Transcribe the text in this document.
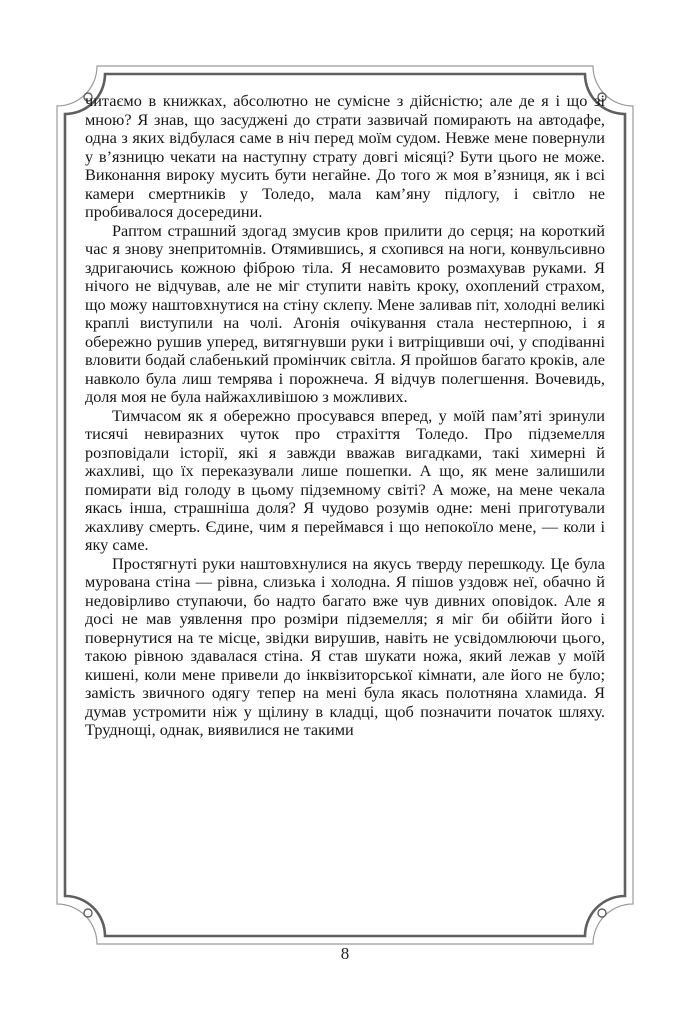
читаємо в книжках, абсолютно не сумісне з дійсністю; але де я і що зі мною? Я знав, що засуджені до страти зазвичай помирають на автодафе, одна з яких відбулася саме в ніч перед моїм судом. Невже мене повернули у в’язницю чекати на наступну страту довгі місяці? Бути цього не може. Виконання вироку мусить бути негайне. До того ж моя в’язниця, як і всі камери смертників у Толедо, мала кам’яну підлогу, і світло не пробивалося досередини.

Раптом страшний здогад змусив кров прилити до серця; на короткий час я знову знепритомнів. Отямившись, я схопився на ноги, конвульсивно здригаючись кожною фіброю тіла. Я несамовито розмахував руками. Я нічого не відчував, але не міг ступити навіть кроку, охоплений страхом, що можу наштовхнутися на стіну склепу. Мене заливав піт, холодні великі краплі виступили на чолі. Агонія очікування стала нестерпною, і я обережно рушив уперед, витягнувши руки і витріщивши очі, у сподіванні вловити бодай слабенький промінчик світла. Я пройшов багато кроків, але навколо була лиш темрява і порожнеча. Я відчув полегшення. Вочевидь, доля моя не була найжахливішою з можливих.

Тимчасом як я обережно просувався вперед, у моїй пам’яті зринули тисячі невиразних чуток про страхіття Толедо. Про підземелля розповідали історії, які я завжди вважав вигадками, такі химерні й жахливі, що їх переказували лише пошепки. А що, як мене залишили помирати від голоду в цьому підземному світі? А може, на мене чекала якась інша, страшніша доля? Я чудово розумів одне: мені приготували жахливу смерть. Єдине, чим я переймався і що непокоїло мене, — коли і яку саме.

Простягнуті руки наштовхнулися на якусь тверду перешкоду. Це була мурована стіна — рівна, слизька і холодна. Я пішов уздовж неї, обачно й недовірливо ступаючи, бо надто багато вже чув дивних оповідок. Але я досі не мав уявлення про розміри підземелля; я міг би обійти його і повернутися на те місце, звідки вирушив, навіть не усвідомлюючи цього, такою рівною здавалася стіна. Я став шукати ножа, який лежав у моїй кишені, коли мене привели до інквізиторської кімнати, але його не було; замість звичного одягу тепер на мені була якась полотняна хламида. Я думав устромити ніж у щілину в кладці, щоб позначити початок шляху. Труднощі, однак, виявилися не такими

8
